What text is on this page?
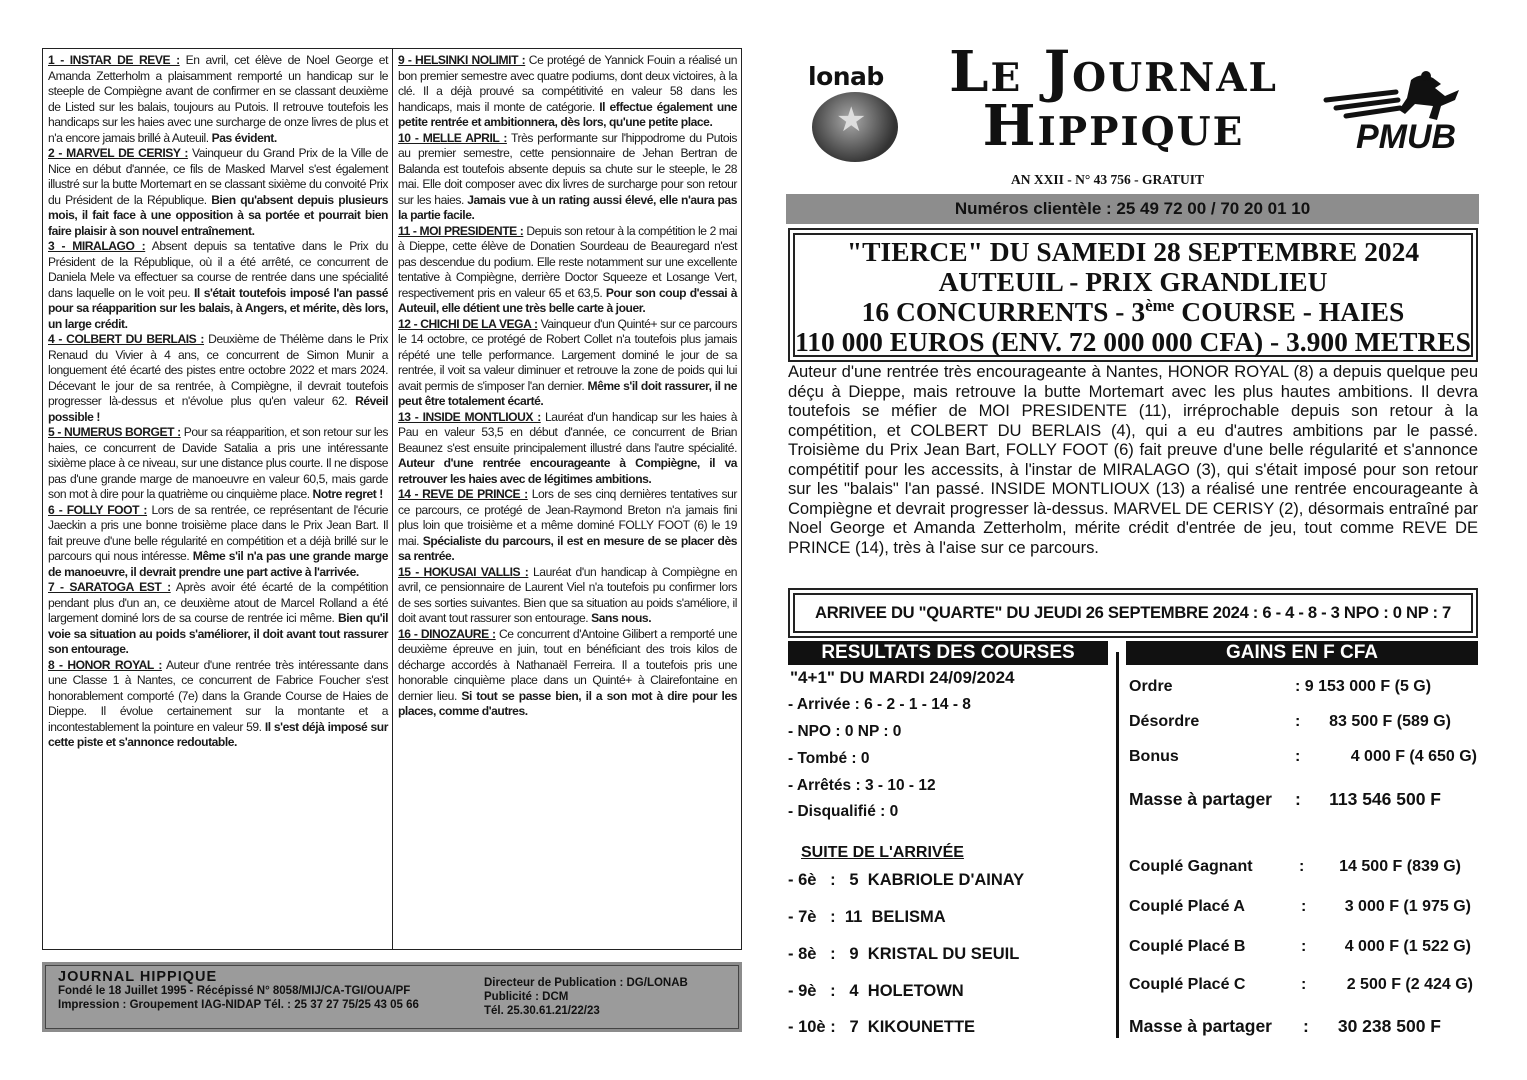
1 - INSTAR DE REVE : En avril, cet élève de Noel George et Amanda Zetterholm a plaisamment remporté un handicap sur le steeple de Compiègne avant de confirmer en se classant deuxième de Listed sur les balais, toujours au Putois. Il retrouve toutefois les handicaps sur les haies avec une surcharge de onze livres de plus et n'a encore jamais brillé à Auteuil. Pas évident.
2 - MARVEL DE CERISY : Vainqueur du Grand Prix de la Ville de Nice en début d'année, ce fils de Masked Marvel s'est également illustré sur la butte Mortemart en se classant sixième du convoité Prix du Président de la République. Bien qu'absent depuis plusieurs mois, il fait face à une opposition à sa portée et pourrait bien faire plaisir à son nouvel entraînement.
3 - MIRALAGO : Absent depuis sa tentative dans le Prix du Président de la République, où il a été arrêté, ce concurrent de Daniela Mele va effectuer sa course de rentrée dans une spécialité dans laquelle on le voit peu. Il s'était toutefois imposé l'an passé pour sa réapparition sur les balais, à Angers, et mérite, dès lors, un large crédit.
4 - COLBERT DU BERLAIS : Deuxième de Thélème dans le Prix Renaud du Vivier à 4 ans, ce concurrent de Simon Munir a longuement été écarté des pistes entre octobre 2022 et mars 2024. Décevant le jour de sa rentrée, à Compiègne, il devrait toutefois progresser là-dessus et n'évolue plus qu'en valeur 62. Réveil possible !
5 - NUMERUS BORGET : Pour sa réapparition, et son retour sur les haies, ce concurrent de Davide Satalia a pris une intéressante sixième place à ce niveau, sur une distance plus courte. Il ne dispose pas d'une grande marge de manoeuvre en valeur 60,5, mais garde son mot à dire pour la quatrième ou cinquième place. Notre regret !
6 - FOLLY FOOT : Lors de sa rentrée, ce représentant de l'écurie Jaeckin a pris une bonne troisième place dans le Prix Jean Bart. Il fait preuve d'une belle régularité en compétition et a déjà brillé sur le parcours qui nous intéresse. Même s'il n'a pas une grande marge de manoeuvre, il devrait prendre une part active à l'arrivée.
7 - SARATOGA EST : Après avoir été écarté de la compétition pendant plus d'un an, ce deuxième atout de Marcel Rolland a été largement dominé lors de sa course de rentrée ici même. Bien qu'il voie sa situation au poids s'améliorer, il doit avant tout rassurer son entourage.
8 - HONOR ROYAL : Auteur d'une rentrée très intéressante dans une Classe 1 à Nantes, ce concurrent de Fabrice Foucher s'est honorablement comporté (7e) dans la Grande Course de Haies de Dieppe. Il évolue certainement sur la montante et a incontestablement la pointure en valeur 59. Il s'est déjà imposé sur cette piste et s'annonce redoutable.
9 - HELSINKI NOLIMIT : Ce protégé de Yannick Fouin a réalisé un bon premier semestre avec quatre podiums, dont deux victoires, à la clé. Il a déjà prouvé sa compétitivité en valeur 58 dans les handicaps, mais il monte de catégorie. Il effectue également une petite rentrée et ambitionnera, dès lors, qu'une petite place.
10 - MELLE APRIL : Très performante sur l'hippodrome du Putois au premier semestre, cette pensionnaire de Jehan Bertran de Balanda est toutefois absente depuis sa chute sur le steeple, le 28 mai. Elle doit composer avec dix livres de surcharge pour son retour sur les haies. Jamais vue à un rating aussi élevé, elle n'aura pas la partie facile.
11 - MOI PRESIDENTE : Depuis son retour à la compétition le 2 mai à Dieppe, cette élève de Donatien Sourdeau de Beauregard n'est pas descendue du podium. Elle reste notamment sur une excellente tentative à Compiègne, derrière Doctor Squeeze et Losange Vert, respectivement pris en valeur 65 et 63,5. Pour son coup d'essai à Auteuil, elle détient une très belle carte à jouer.
12 - CHICHI DE LA VEGA : Vainqueur d'un Quinté+ sur ce parcours le 14 octobre, ce protégé de Robert Collet n'a toutefois plus jamais répété une telle performance. Largement dominé le jour de sa rentrée, il voit sa valeur diminuer et retrouve la zone de poids qui lui avait permis de s'imposer l'an dernier. Même s'il doit rassurer, il ne peut être totalement écarté.
13 - INSIDE MONTLIOUX : Lauréat d'un handicap sur les haies à Pau en valeur 53,5 en début d'année, ce concurrent de Brian Beaunez s'est ensuite principalement illustré dans l'autre spécialité. Auteur d'une rentrée encourageante à Compiègne, il va retrouver les haies avec de légitimes ambitions.
14 - REVE DE PRINCE : Lors de ses cinq dernières tentatives sur ce parcours, ce protégé de Jean-Raymond Breton n'a jamais fini plus loin que troisième et a même dominé FOLLY FOOT (6) le 19 mai. Spécialiste du parcours, il est en mesure de se placer dès sa rentrée.
15 - HOKUSAI VALLIS : Lauréat d'un handicap à Compiègne en avril, ce pensionnaire de Laurent Viel n'a toutefois pu confirmer lors de ses sorties suivantes. Bien que sa situation au poids s'améliore, il doit avant tout rassurer son entourage. Sans nous.
16 - DINOZAURE : Ce concurrent d'Antoine Gilibert a remporté une deuxième épreuve en juin, tout en bénéficiant des trois kilos de décharge accordés à Nathanaël Ferreira. Il a toutefois pris une honorable cinquième place dans un Quinté+ à Clairefontaine en dernier lieu. Si tout se passe bien, il a son mot à dire pour les places, comme d'autres.
JOURNAL HIPPIQUE
Fondé le 18 Juillet 1995 - Récépissé N° 8058/MIJ/CA-TGI/OUA/PF
Impression : Groupement IAG-NIDAP Tél. : 25 37 27 75/25 43 05 66
Directeur de Publication : DG/LONAB
Publicité : DCM
Tél. 25.30.61.21/22/23
★
lonab	Le Journal
Hippique
AN XXII - N° 43 756 - GRATUIT
PMUB
Numéros clientèle : 25 49 72 00 / 70 20 01 10
"TIERCE" DU SAMEDI 28 SEPTEMBRE 2024
AUTEUIL - PRIX GRANDLIEU
16 CONCURRENTS - 3ème COURSE - HAIES
110 000 EUROS (ENV. 72 000 000 CFA) - 3.900 METRES
Auteur d'une rentrée très encourageante à Nantes, HONOR ROYAL (8) a depuis quelque peu déçu à Dieppe, mais retrouve la butte Mortemart avec les plus hautes ambitions. Il devra toutefois se méfier de MOI PRESIDENTE (11), irréprochable depuis son retour à la compétition, et COLBERT DU BERLAIS (4), qui a eu d'autres ambitions par le passé. Troisième du Prix Jean Bart, FOLLY FOOT (6) fait preuve d'une belle régularité et s'annonce compétitif pour les accessits, à l'instar de MIRALAGO (3), qui s'était imposé pour son retour sur les "balais" l'an passé. INSIDE MONTLIOUX (13) a réalisé une rentrée encourageante à Compiègne et devrait progresser là-dessus. MARVEL DE CERISY (2), désormais entraîné par Noel George et Amanda Zetterholm, mérite crédit d'entrée de jeu, tout comme REVE DE PRINCE (14), très à l'aise sur ce parcours.
ARRIVEE DU "QUARTE" DU JEUDI 26 SEPTEMBRE 2024 : 6 - 4 - 8 - 3 NPO : 0 NP : 7
RESULTATS DES COURSES	GAINS EN F CFA
"4+1" DU MARDI 24/09/2024
- Arrivée : 6 - 2 - 1 - 14 - 8
- NPO : 0 NP : 0
- Tombé : 0
- Arrêtés : 3 - 10 - 12
- Disqualifié : 0
SUITE DE L'ARRIVÉE
- 6è   :   5  KABRIOLE D'AINAY
- 7è   :  11  BELISMA
- 8è   :   9  KRISTAL DU SEUIL
- 9è   :   4  HOLETOWN
- 10è :   7  KIKOUNETTE
Ordre	: 9 153 000 F (5 G)
Désordre	: 83 500 F (589 G)
Bonus	:	4 000 F (4 650 G)
Masse à partager : 113 546 500 F
Couplé Gagnant	: 14 500 F (839 G)
Couplé Placé A	: 3 000 F (1 975 G)
Couplé Placé B	: 4 000 F (1 522 G)
Couplé Placé C	:	2 500 F (2 424 G)
Masse à partager : 30 238 500 F
